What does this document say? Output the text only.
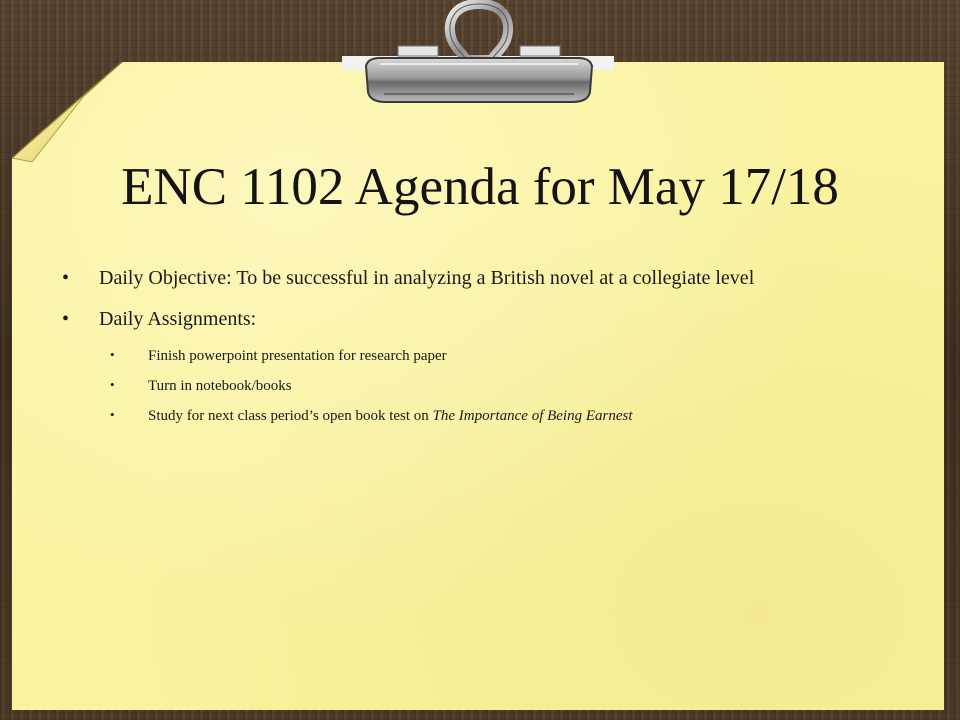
ENC 1102 Agenda for May 17/18
• Daily Objective: To be successful in analyzing a British novel at a collegiate level
• Daily Assignments:
• Finish powerpoint presentation for research paper
• Turn in notebook/books
• Study for next class period’s open book test on The Importance of Being Earnest
